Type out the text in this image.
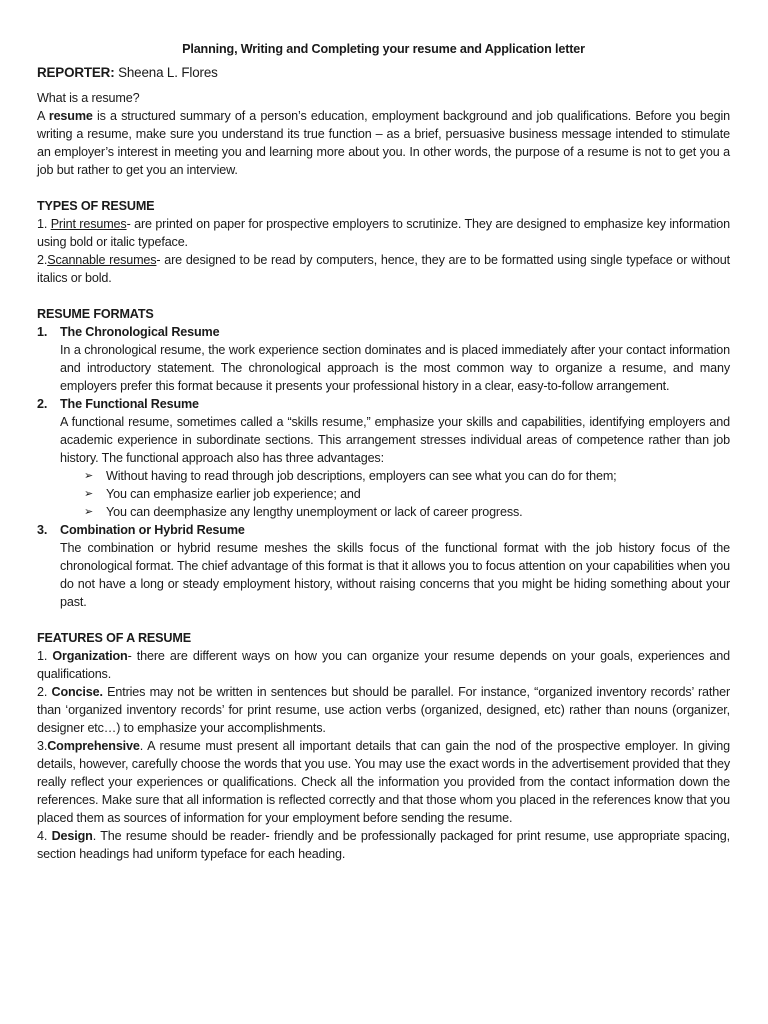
Planning, Writing and Completing your resume and Application letter

REPORTER: Sheena L. Flores

What is a resume?

A resume is a structured summary of a person’s education, employment background and job qualifications. Before you begin writing a resume, make sure you understand its true function – as a brief, persuasive business message intended to stimulate an employer’s interest in meeting you and learning more about you. In other words, the purpose of a resume is not to get you a job but rather to get you an interview.

TYPES OF RESUME

1. Print resumes- are printed on paper for prospective employers to scrutinize. They are designed to emphasize key information using bold or italic typeface.

2.Scannable resumes- are designed to be read by computers, hence, they are to be formatted using single typeface or without italics or bold.

RESUME FORMATS

1. The Chronological Resume

In a chronological resume, the work experience section dominates and is placed immediately after your contact information and introductory statement. The chronological approach is the most common way to organize a resume, and many employers prefer this format because it presents your professional history in a clear, easy-to-follow arrangement.

2. The Functional Resume

A functional resume, sometimes called a “skills resume,” emphasize your skills and capabilities, identifying employers and academic experience in subordinate sections. This arrangement stresses individual areas of competence rather than job history. The functional approach also has three advantages:

➢ Without having to read through job descriptions, employers can see what you can do for them;
➢ You can emphasize earlier job experience; and
➢ You can deemphasize any lengthy unemployment or lack of career progress.
3. Combination or Hybrid Resume

The combination or hybrid resume meshes the skills focus of the functional format with the job history focus of the chronological format. The chief advantage of this format is that it allows you to focus attention on your capabilities when you do not have a long or steady employment history, without raising concerns that you might be hiding something about your past.

FEATURES OF A RESUME

1. Organization- there are different ways on how you can organize your resume depends on your goals, experiences and qualifications.

2. Concise. Entries may not be written in sentences but should be parallel. For instance, “organized inventory records’ rather than ‘organized inventory records’ for print resume, use action verbs (organized, designed, etc) rather than nouns (organizer, designer etc…) to emphasize your accomplishments.

3.Comprehensive. A resume must present all important details that can gain the nod of the prospective employer. In giving details, however, carefully choose the words that you use. You may use the exact words in the advertisement provided that they really reflect your experiences or qualifications. Check all the information you provided from the contact information down the references. Make sure that all information is reflected correctly and that those whom you placed in the references know that you placed them as sources of information for your employment before sending the resume.

4. Design. The resume should be reader- friendly and be professionally packaged for print resume, use appropriate spacing, section headings had uniform typeface for each heading.
